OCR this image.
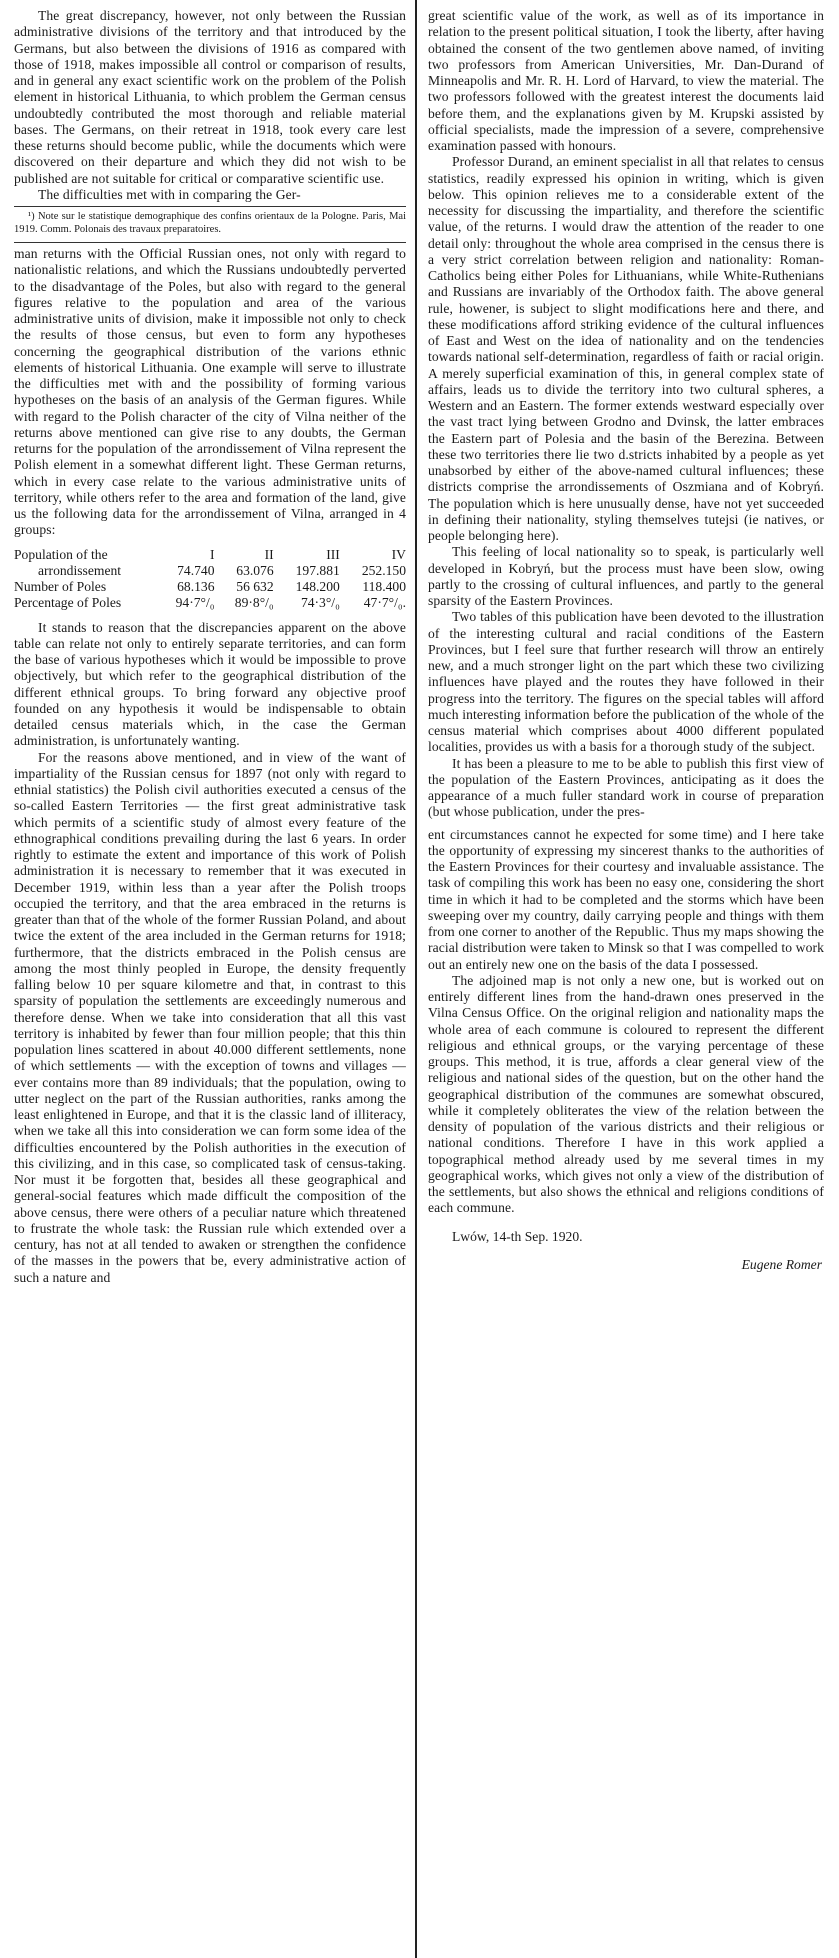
The great discrepancy, however, not only between the Russian administrative divisions of the territory and that introduced by the Germans, but also between the divisions of 1916 as compared with those of 1918, makes impossible all control or comparison of results, and in general any exact scientific work on the problem of the Polish element in historical Lithuania, to which problem the German census undoubtedly contributed the most thorough and reliable material bases. The Germans, on their retreat in 1918, took every care lest these returns should become public, while the documents which were discovered on their departure and which they did not wish to be published are not suitable for critical or comparative scientific use.

The difficulties met with in comparing the Ger-

¹) Note sur le statistique demographique des confins orientaux de la Pologne. Paris, Mai 1919. Comm. Polonais des travaux preparatoires.

man returns with the Official Russian ones, not only with regard to nationalistic relations, and which the Russians undoubtedly perverted to the disadvantage of the Poles, but also with regard to the general figures relative to the population and area of the various administrative units of division, make it impossible not only to check the results of those census, but even to form any hypotheses concerning the geographical distribution of the varions ethnic elements of historical Lithuania. One example will serve to illustrate the difficulties met with and the possibility of forming various hypotheses on the basis of an analysis of the German figures. While with regard to the Polish character of the city of Vilna neither of the returns above mentioned can give rise to any doubts, the German returns for the population of the arrondissement of Vilna represent the Polish element in a somewhat different light. These German returns, which in every case relate to the various administrative units of territory, while others refer to the area and formation of the land, give us the following data for the arrondissement of Vilna, arranged in 4 groups:

Population of the	I	II	III	IV
arrondissement	74.740	63.076	197.881	252.150
Number of Poles	68.136	56 632	148.200	118.400
Percentage of Poles	94·7°/₀	89·8°/₀	74·3°/₀	47·7°/₀.

It stands to reason that the discrepancies apparent on the above table can relate not only to entirely separate territories, and can form the base of various hypotheses which it would be impossible to prove objectively, but which refer to the geographical distribution of the different ethnical groups. To bring forward any objective proof founded on any hypothesis it would be indispensable to obtain detailed census materials which, in the case the German administration, is unfortunately wanting.

For the reasons above mentioned, and in view of the want of impartiality of the Russian census for 1897 (not only with regard to ethnial statistics) the Polish civil authorities executed a census of the so-called Eastern Territories — the first great administrative task which permits of a scientific study of almost every feature of the ethnographical conditions prevailing during the last 6 years. In order rightly to estimate the extent and importance of this work of Polish administration it is necessary to remember that it was executed in December 1919, within less than a year after the Polish troops occupied the territory, and that the area embraced in the returns is greater than that of the whole of the former Russian Poland, and about twice the extent of the area included in the German returns for 1918; furthermore, that the districts embraced in the Polish census are among the most thinly peopled in Europe, the density frequently falling below 10 per square kilometre and that, in contrast to this sparsity of population the settlements are exceedingly numerous and therefore dense. When we take into consideration that all this vast territory is inhabited by fewer than four million people; that this thin population lines scattered in about 40.000 different settlements, none of which settlements — with the exception of towns and villages — ever contains more than 89 individuals; that the population, owing to utter neglect on the part of the Russian authorities, ranks among the least enlightened in Europe, and that it is the classic land of illiteracy, when we take all this into consideration we can form some idea of the difficulties encountered by the Polish authorities in the execution of this civilizing, and in this case, so complicated task of census-taking. Nor must it be forgotten that, besides all these geographical and general-social features which made difficult the composition of the above census, there were others of a peculiar nature which threatened to frustrate the whole task: the Russian rule which extended over a century, has not at all tended to awaken or strengthen the confidence of the masses in the powers that be, every administrative action of such a nature and

great scientific value of the work, as well as of its importance in relation to the present political situation, I took the liberty, after having obtained the consent of the two gentlemen above named, of inviting two professors from American Universities, Mr. Dan-Durand of Minneapolis and Mr. R. H. Lord of Harvard, to view the material. The two professors followed with the greatest interest the documents laid before them, and the explanations given by M. Krupski assisted by official specialists, made the impression of a severe, comprehensive examination passed with honours.

Professor Durand, an eminent specialist in all that relates to census statistics, readily expressed his opinion in writing, which is given below. This opinion relieves me to a considerable extent of the necessity for discussing the impartiality, and therefore the scientific value, of the returns. I would draw the attention of the reader to one detail only: throughout the whole area comprised in the census there is a very strict correlation between religion and nationality: Roman-Catholics being either Poles for Lithuanians, while White-Ruthenians and Russians are invariably of the Orthodox faith. The above general rule, howener, is subject to slight modifications here and there, and these modifications afford striking evidence of the cultural influences of East and West on the idea of nationality and on the tendencies towards national self-determination, regardless of faith or racial origin. A merely superficial examination of this, in general complex state of affairs, leads us to divide the territory into two cultural spheres, a Western and an Eastern. The former extends westward especially over the vast tract lying between Grodno and Dvinsk, the latter embraces the Eastern part of Polesia and the basin of the Berezina. Between these two territories there lie two d.stricts inhabited by a people as yet unabsorbed by either of the above-named cultural influences; these districts comprise the arrondissements of Oszmiana and of Kobryń. The population which is here unusually dense, have not yet succeeded in defining their nationality, styling themselves tutejsi (ie natives, or people belonging here).

This feeling of local nationality so to speak, is particularly well developed in Kobryń, but the process must have been slow, owing partly to the crossing of cultural influences, and partly to the general sparsity of the Eastern Provinces.

Two tables of this publication have been devoted to the illustration of the interesting cultural and racial conditions of the Eastern Provinces, but I feel sure that further research will throw an entirely new, and a much stronger light on the part which these two civilizing influences have played and the routes they have followed in their progress into the territory. The figures on the special tables will afford much interesting information before the publication of the whole of the census material which comprises about 4000 different populated localities, provides us with a basis for a thorough study of the subject.

It has been a pleasure to me to be able to publish this first view of the population of the Eastern Provinces, anticipating as it does the appearance of a much fuller standard work in course of preparation (but whose publication, under the pres-

ent circumstances cannot he expected for some time) and I here take the opportunity of expressing my sincerest thanks to the authorities of the Eastern Provinces for their courtesy and invaluable assistance. The task of compiling this work has been no easy one, considering the short time in which it had to be completed and the storms which have been sweeping over my country, daily carrying people and things with them from one corner to another of the Republic. Thus my maps showing the racial distribution were taken to Minsk so that I was compelled to work out an entirely new one on the basis of the data I possessed.

The adjoined map is not only a new one, but is worked out on entirely different lines from the hand-drawn ones preserved in the Vilna Census Office. On the original religion and nationality maps the whole area of each commune is coloured to represent the different religious and ethnical groups, or the varying percentage of these groups. This method, it is true, affords a clear general view of the religious and national sides of the question, but on the other hand the geographical distribution of the communes are somewhat obscured, while it completely obliterates the view of the relation between the density of population of the various districts and their religious or national conditions. Therefore I have in this work applied a topographical method already used by me several times in my geographical works, which gives not only a view of the distribution of the settlements, but also shows the ethnical and religions conditions of each commune.

Lwów, 14-th Sep. 1920.

Eugene Romer
